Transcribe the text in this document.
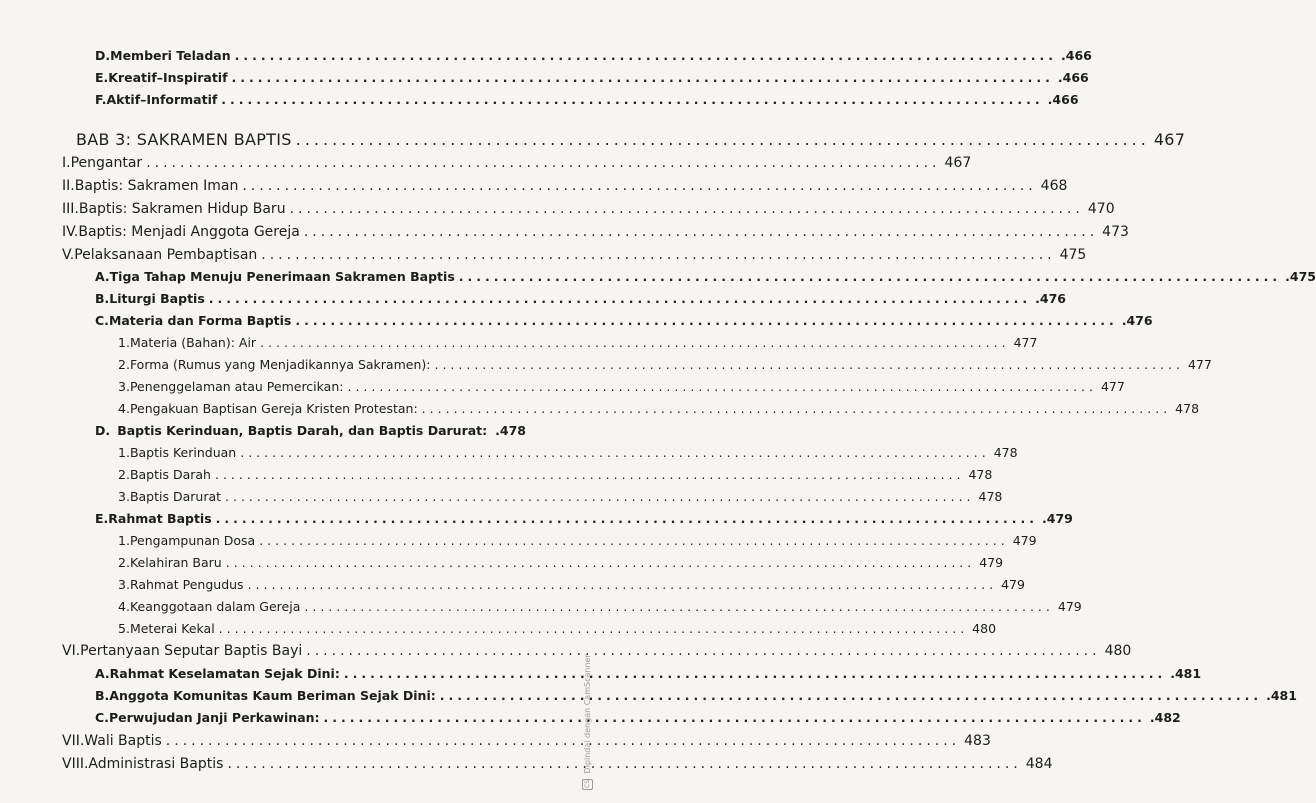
D. Memberi Teladan .............................................................................................. .466
E. Kreatif–Inspiratif .............................................................................................. .466
F. Aktif–Informatif .............................................................................................. .466
BAB 3: SAKRAMEN BAPTIS .............................................................................................. 467
I. Pengantar .............................................................................................. 467
II. Baptis: Sakramen Iman .............................................................................................. 468
III. Baptis: Sakramen Hidup Baru .............................................................................................. 470
IV. Baptis: Menjadi Anggota Gereja .............................................................................................. 473
V. Pelaksanaan Pembaptisan .............................................................................................. 475
A. Tiga Tahap Menuju Penerimaan Sakramen Baptis .............................................................................................. .475
B. Liturgi Baptis .............................................................................................. .476
C. Materia dan Forma Baptis .............................................................................................. .476
1. Materia (Bahan): Air .............................................................................................. 477
2. Forma (Rumus yang Menjadikannya Sakramen): .............................................................................................. 477
3. Penenggelaman atau Pemercikan: .............................................................................................. 477
4. Pengakuan Baptisan Gereja Kristen Protestan: .............................................................................................. 478
D. Baptis Kerinduan, Baptis Darah, dan Baptis Darurat: .478
1. Baptis Kerinduan .............................................................................................. 478
2. Baptis Darah .............................................................................................. 478
3. Baptis Darurat .............................................................................................. 478
E. Rahmat Baptis .............................................................................................. .479
1. Pengampunan Dosa .............................................................................................. 479
2. Kelahiran Baru .............................................................................................. 479
3. Rahmat Pengudus .............................................................................................. 479
4. Keanggotaan dalam Gereja .............................................................................................. 479
5. Meterai Kekal .............................................................................................. 480
VI. Pertanyaan Seputar Baptis Bayi .............................................................................................. 480
A. Rahmat Keselamatan Sejak Dini: .............................................................................................. .481
B. Anggota Komunitas Kaum Beriman Sejak Dini: .............................................................................................. .481
C. Perwujudan Janji Perkawinan: .............................................................................................. .482
VII. Wali Baptis .............................................................................................. 483
VIII. Administrasi Baptis .............................................................................................. 484
CS Dipindai dengan CamScanner
